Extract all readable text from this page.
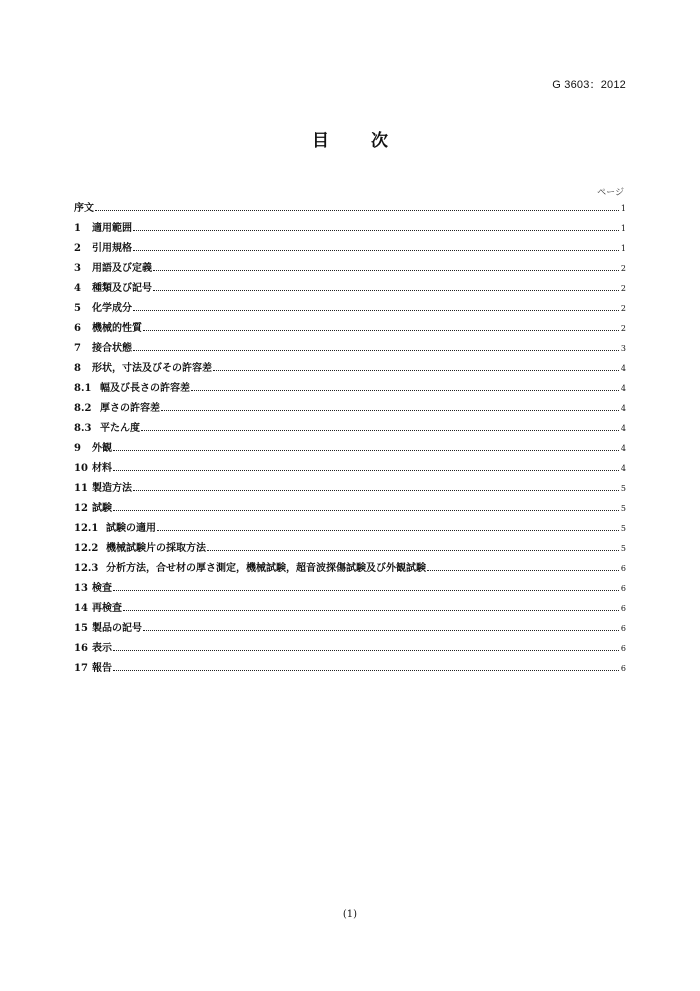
G 3603：2012
目 次
ページ
序文	1
1	適用範囲	1
2	引用規格	1
3	用語及び定義	2
4	種類及び記号	2
5	化学成分	2
6	機械的性質	2
7	接合状態	3
8	形状，寸法及びその許容差	4
8.1 幅及び長さの許容差	4
8.2 厚さの許容差	4
8.3 平たん度	4
9	外観	4
10 材料	4
11 製造方法	5
12 試験	5
12.1 試験の適用	5
12.2 機械試験片の採取方法	5
12.3 分析方法，合せ材の厚さ測定，機械試験，超音波探傷試験及び外観試験	6
13 検査	6
14 再検査	6
15 製品の記号	6
16 表示	6
17 報告	6
(1)
